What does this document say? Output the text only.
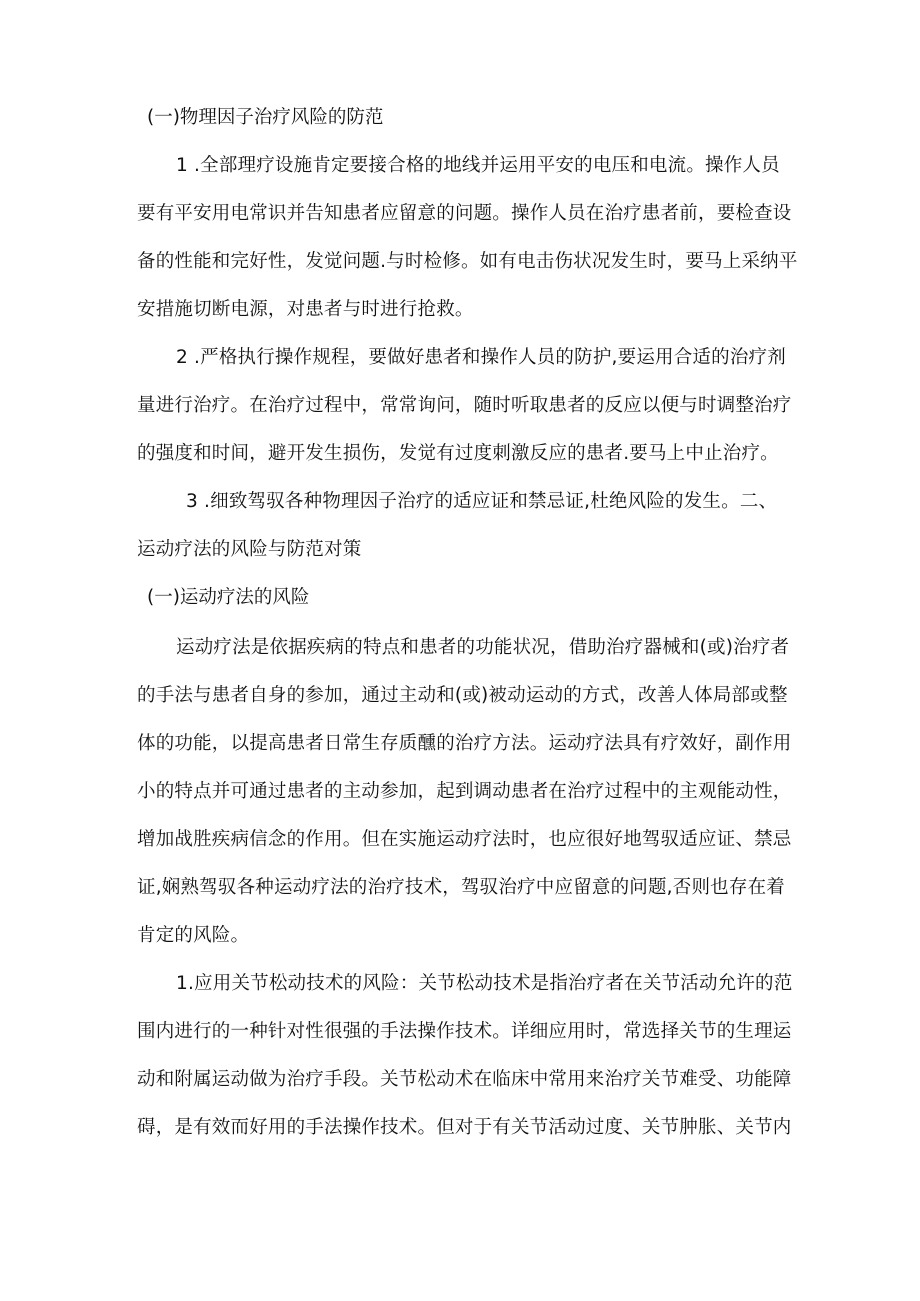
(一)物理因子治疗风险的防范
1 .全部理疗设施肯定要接合格的地线并运用平安的电压和电流。操作人员
要有平安用电常识并告知患者应留意的问题。操作人员在治疗患者前，要检查设
备的性能和完好性，发觉问题.与时检修。如有电击伤状况发生时，要马上采纳平
安措施切断电源，对患者与时进行抢救。
2 .严格执行操作规程，要做好患者和操作人员的防护,要运用合适的治疗剂
量进行治疗。在治疗过程中，常常询问，随时听取患者的反应以便与时调整治疗
的强度和时间，避开发生损伤，发觉有过度刺激反应的患者.要马上中止治疗。
3 .细致驾驭各种物理因子治疗的适应证和禁忌证,杜绝风险的发生。二、
运动疗法的风险与防范对策
(一)运动疗法的风险
运动疗法是依据疾病的特点和患者的功能状况，借助治疗器械和(或)治疗者
的手法与患者自身的参加，通过主动和(或)被动运动的方式，改善人体局部或整
体的功能，以提高患者日常生存质醺的治疗方法。运动疗法具有疗效好，副作用
小的特点并可通过患者的主动参加，起到调动患者在治疗过程中的主观能动性，
增加战胜疾病信念的作用。但在实施运动疗法时，也应很好地驾驭适应证、禁忌
证,娴熟驾驭各种运动疗法的治疗技术，驾驭治疗中应留意的问题,否则也存在着
肯定的风险。
1.应用关节松动技术的风险：关节松动技术是指治疗者在关节活动允许的范
围内进行的一种针对性很强的手法操作技术。详细应用时，常选择关节的生理运
动和附属运动做为治疗手段。关节松动术在临床中常用来治疗关节难受、功能障
碍，是有效而好用的手法操作技术。但对于有关节活动过度、关节肿胀、关节内
